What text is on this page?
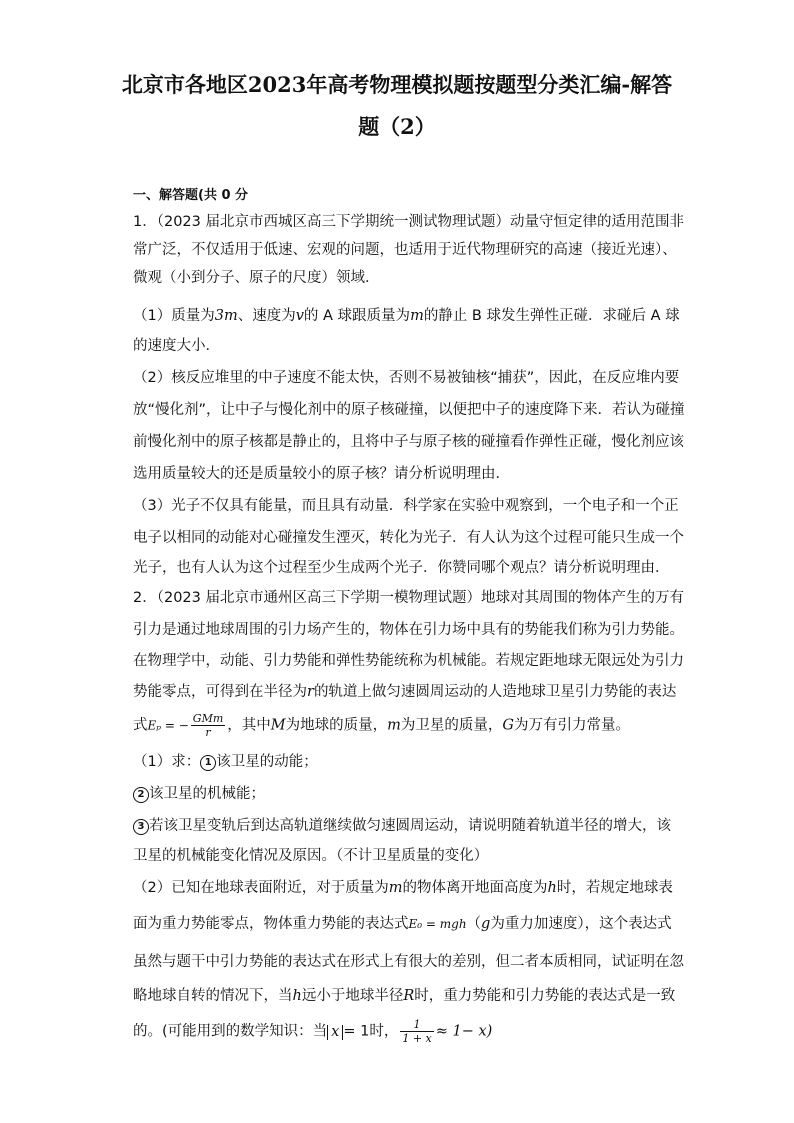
北京市各地区2023年高考物理模拟题按题型分类汇编-解答
题（2）
一、解答题(共 0 分
1．（2023 届北京市西城区高三下学期统一测试物理试题）动量守恒定律的适用范围非
常广泛，不仅适用于低速、宏观的问题，也适用于近代物理研究的高速（接近光速）、
微观（小到分子、原子的尺度）领域．
（1）质量为3m、速度为v的 A 球跟质量为m的静止 B 球发生弹性正碰．求碰后 A 球
的速度大小．
（2）核反应堆里的中子速度不能太快，否则不易被铀核“捕获”，因此，在反应堆内要
放“慢化剂”，让中子与慢化剂中的原子核碰撞，以便把中子的速度降下来．若认为碰撞
前慢化剂中的原子核都是静止的，且将中子与原子核的碰撞看作弹性正碰，慢化剂应该
选用质量较大的还是质量较小的原子核？请分析说明理由．
（3）光子不仅具有能量，而且具有动量．科学家在实验中观察到，一个电子和一个正
电子以相同的动能对心碰撞发生湮灭，转化为光子．有人认为这个过程可能只生成一个
光子，也有人认为这个过程至少生成两个光子．你赞同哪个观点？请分析说明理由．
2．（2023 届北京市通州区高三下学期一模物理试题）地球对其周围的物体产生的万有
引力是通过地球周围的引力场产生的，物体在引力场中具有的势能我们称为引力势能。
在物理学中，动能、引力势能和弹性势能统称为机械能。若规定距地球无限远处为引力
势能零点，可得到在半径为r的轨道上做匀速圆周运动的人造地球卫星引力势能的表达
式Eₚ = − $\frac{\text{GMm}}{r}$ ，其中M为地球的质量，m为卫星的质量，G为万有引力常量。
（1）求： 1 该卫星的动能；
2 该卫星的机械能；
3 若该卫星变轨后到达高轨道继续做匀速圆周运动，请说明随着轨道半径的增大，该
卫星的机械能变化情况及原因。（不计卫星质量的变化）
（2）已知在地球表面附近，对于质量为m的物体离开地面高度为h时，若规定地球表
面为重力势能零点，物体重力势能的表达式E₀ = mgh（g为重力加速度），这个表达式
虽然与题干中引力势能的表达式在形式上有很大的差别，但二者本质相同，试证明在忽
略地球自转的情况下，当h远小于地球半径R时，重力势能和引力势能的表达式是一致
的。(可能用到的数学知识：当 x = 1时， $\frac{1}{1 + x} \approx 1- x$)
